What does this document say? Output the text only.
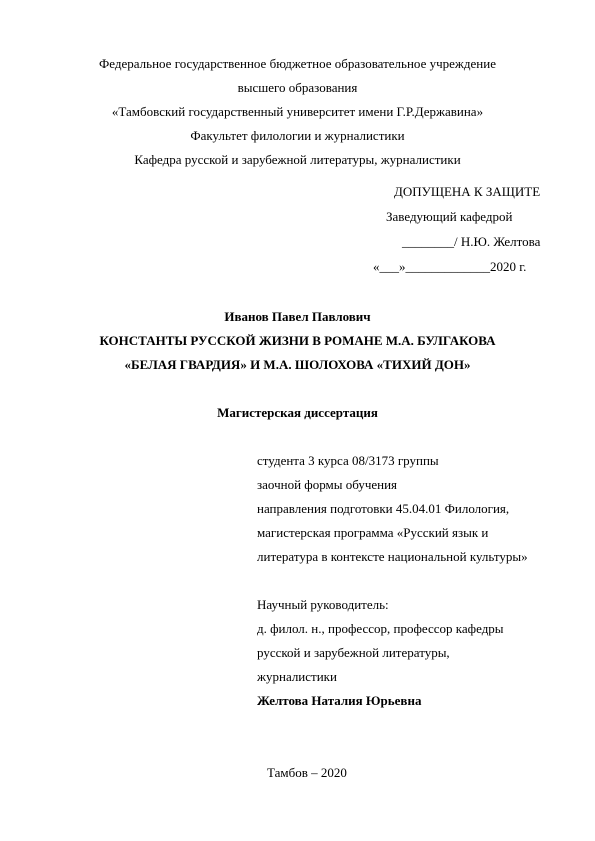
Федеральное государственное бюджетное образовательное учреждение
высшего образования
«Тамбовский государственный университет имени Г.Р.Державина»
Факультет филологии и журналистики
Кафедра русской и зарубежной литературы, журналистики
ДОПУЩЕНА К ЗАЩИТЕ
Заведующий кафедрой
________/ Н.Ю. Желтова
«___»_____________2020 г.
Иванов Павел Павлович
КОНСТАНТЫ РУССКОЙ ЖИЗНИ В РОМАНЕ М.А. БУЛГАКОВА
«БЕЛАЯ ГВАРДИЯ» И М.А. ШОЛОХОВА «ТИХИЙ ДОН»
Магистерская диссертация
студента 3 курса 08/3173 группы
заочной формы обучения
направления подготовки 45.04.01 Филология,
магистерская программа «Русский язык и
литература в контексте национальной культуры»
Научный руководитель:
д. филол. н., профессор, профессор кафедры
русской и зарубежной литературы,
журналистики
Желтова Наталия Юрьевна
Тамбов – 2020
